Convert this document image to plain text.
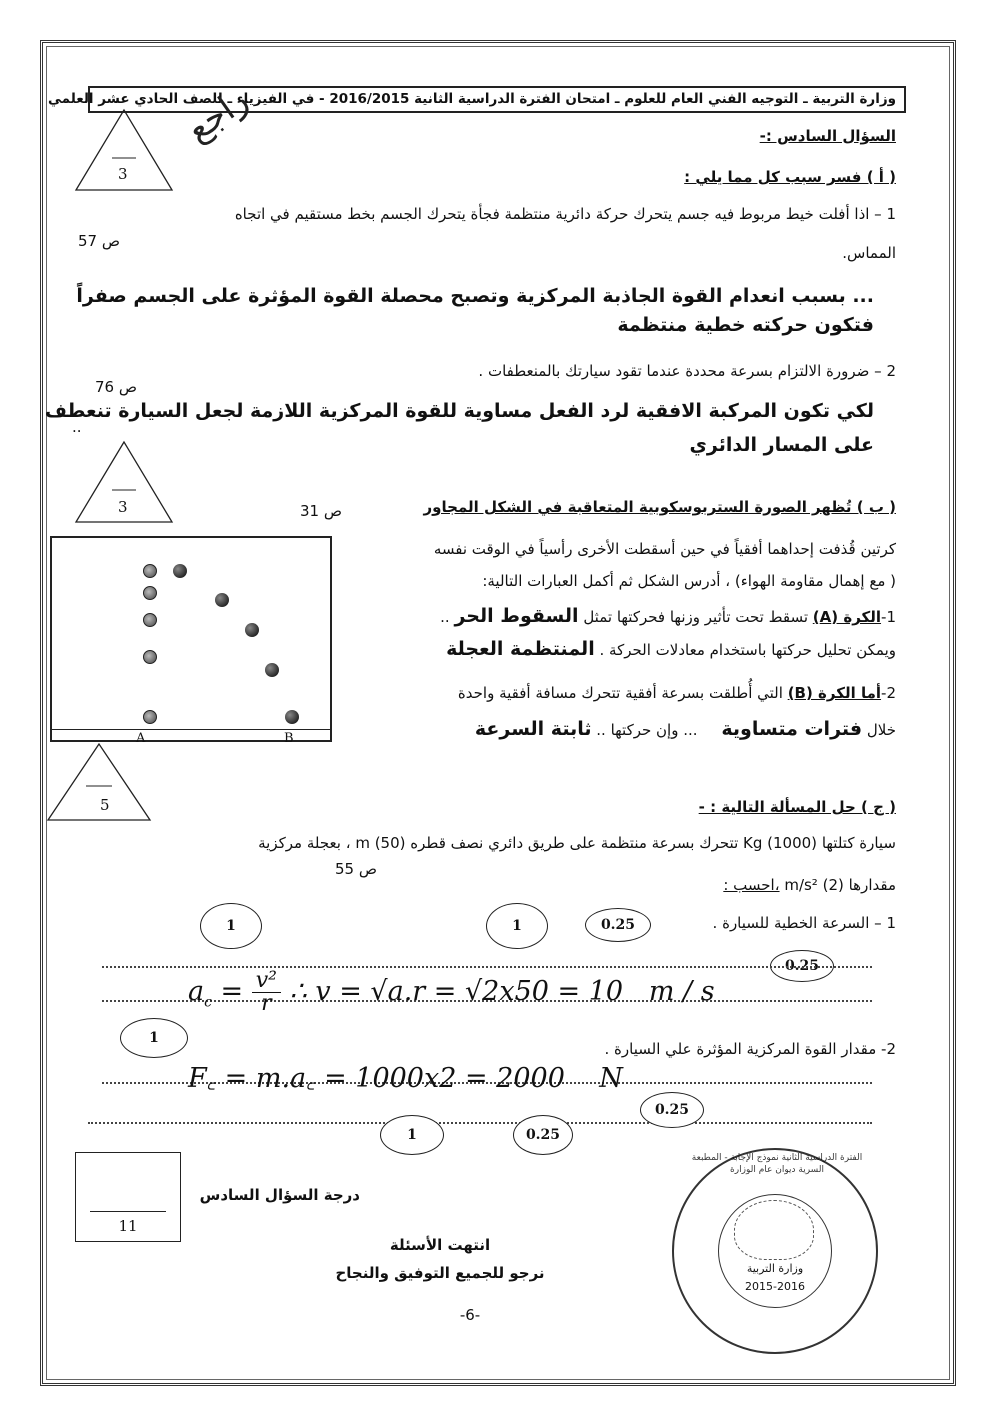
وزارة التربية ـ التوجيه الفني العام للعلوم ـ امتحان الفترة الدراسية الثانية 2016/2015 - في الفيزياء ـ للصف الحادي عشر العلمي
راجع
3
السؤال السادس :-
( أ ) فسر سبب كل مما يلي :
1 – اذا أفلت خيط مربوط فيه جسم يتحرك حركة دائرية منتظمة فجأة يتحرك الجسم بخط مستقيم في اتجاه
ص 57
المماس.
... بسبب انعدام القوة الجاذبة المركزية وتصبح محصلة القوة المؤثرة على الجسم صفراً
فتكون حركته خطية منتظمة
2 – ضرورة الالتزام بسرعة محددة عندما تقود سيارتك بالمنعطفات .
ص 76
لكي تكون المركبة الافقية لرد الفعل مساوية للقوة المركزية اللازمة لجعل السيارة تنعطف
..
على المسار الدائري
3	( ب ) تُظهر الصورة الستربوسكوبية المتعاقبة في الشكل المجاور
ص 31
A	B
كرتين قُذفت إحداهما أفقياً في حين أسقطت الأخرى رأسياً في الوقت نفسه
( مع إهمال مقاومة الهواء) ، أدرس الشكل ثم أكمل العبارات التالية:
1-الكرة (A) تسقط تحت تأثير وزنها فحركتها تمثل السقوط الحر ..
ويمكن تحليل حركتها باستخدام معادلات الحركة . المنتظمة العجلة
2-أما الكرة (B) التي أُطلقت بسرعة أفقية تتحرك مسافة أفقية واحدة
خلال فترات متساوية     ... وإن حركتها .. ثابتة السرعة
5	( ج ) حل المسألة التالية : -
سيارة كتلتها Kg (1000) تتحرك بسرعة منتظمة على طريق دائري نصف قطره m (50) ، بعجلة مركزية
ص 55
مقدارها m/s² (2) ،احسب :
1 – السرعة الخطية للسيارة .
1	1	0.25
0.25
$a_c = \frac{\text{v²}}{r}$ ∴ v = √a.r = √2x50 = 10 m / s
2- مقدار القوة المركزية المؤثرة علي السيارة .
1
F꜀ = m.a꜀ = 1000x2 = 2000 N
1	0.25
0.25
11
درجة السؤال السادس
انتهت الأسئلة
نرجو للجميع التوفيق والنجاح
-6-
وزارة التربية
2015-2016
الفترة الدراسية الثانية نموذج الإجابة - المطبعة السرية ديوان عام الوزارة
